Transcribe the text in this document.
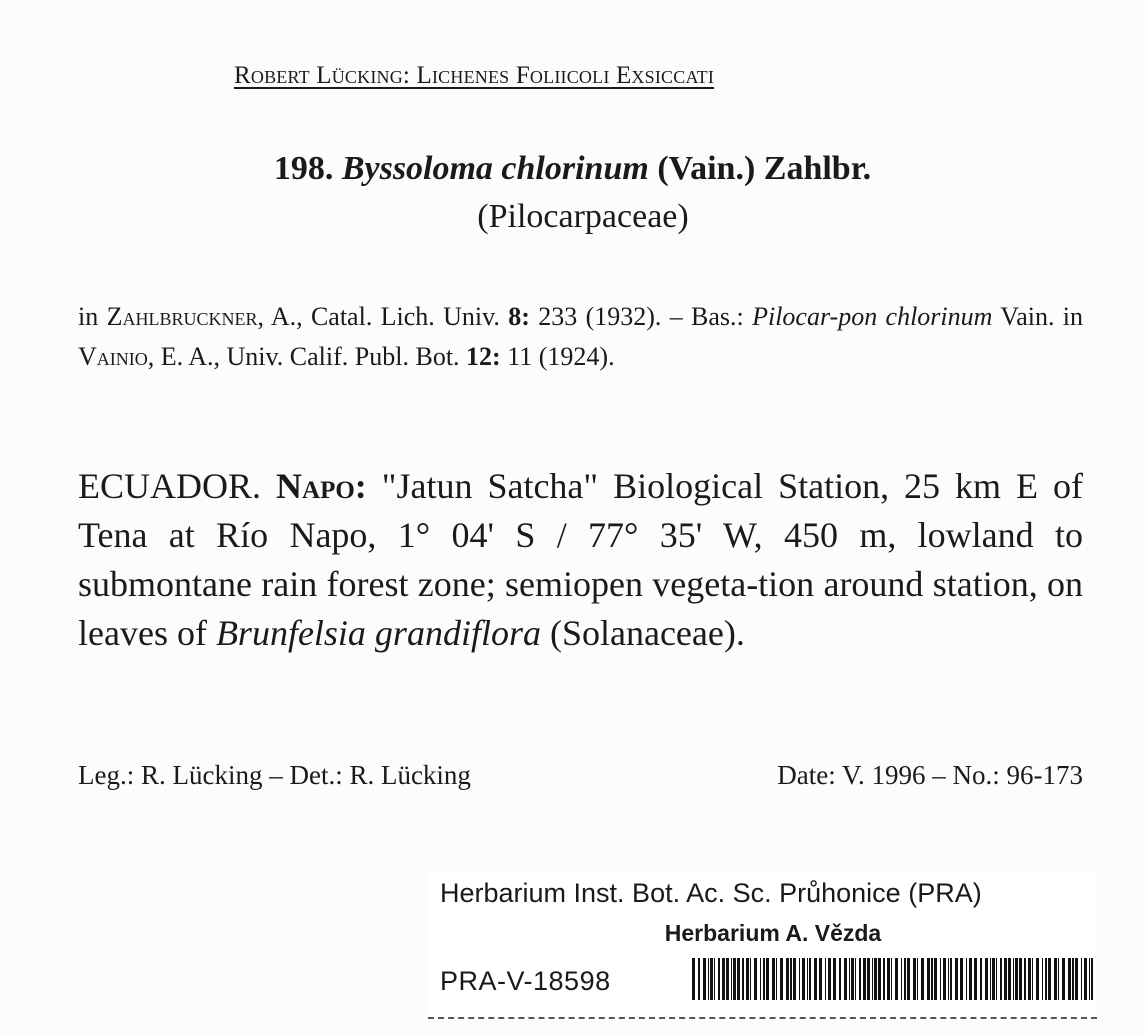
Robert Lücking: Lichenes Foliicoli Exsiccati
198. Byssoloma chlorinum (Vain.) Zahlbr.
(Pilocarpaceae)
in Zahlbruckner, A., Catal. Lich. Univ. 8: 233 (1932). – Bas.: Pilocar-pon chlorinum Vain. in Vainio, E. A., Univ. Calif. Publ. Bot. 12: 11 (1924).
ECUADOR. Napo: "Jatun Satcha" Biological Station, 25 km E of Tena at Río Napo, 1° 04' S / 77° 35' W, 450 m, lowland to submontane rain forest zone; semiopen vegeta-tion around station, on leaves of Brunfelsia grandiflora (Solanaceae).
Leg.: R. Lücking – Det.: R. Lücking	Date: V. 1996 – No.: 96-173
Herbarium Inst. Bot. Ac. Sc. Průhonice (PRA)
Herbarium A. Vězda
PRA-V-18598
